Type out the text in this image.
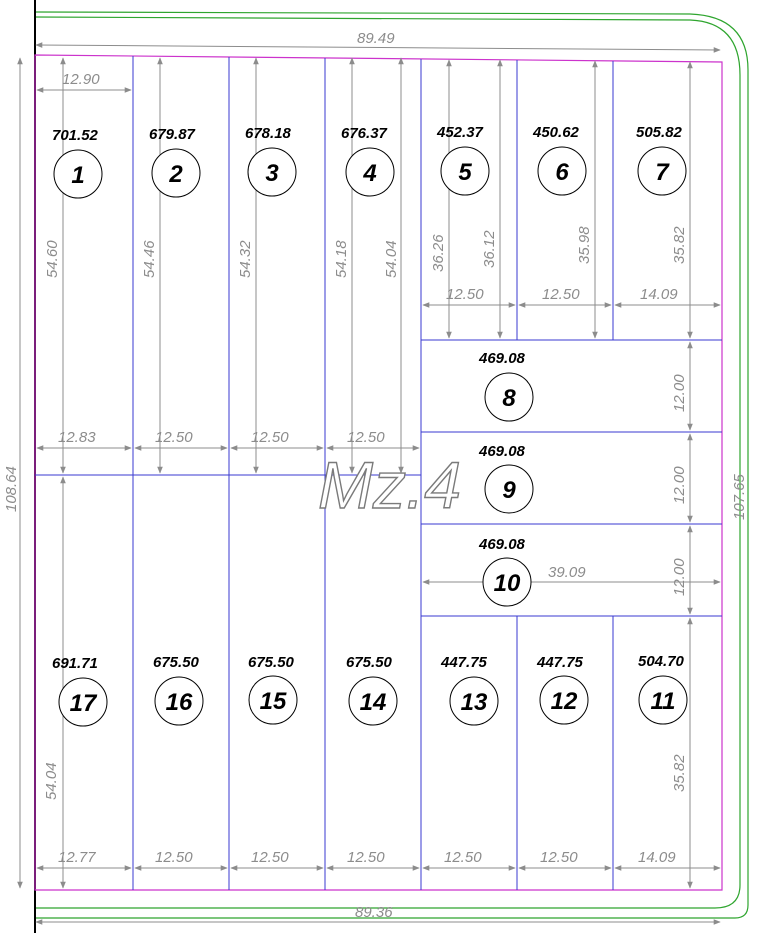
Mz.4
89.49
89.36
108.64	107.65
12.90
54.04
39.09
54.60	54.46	54.32	54.18 54.04 36.26 36.12	35.98	35.82
12.00
12.00
12.00
35.82
12.83	12.50	12.50	12.50
12.50	12.50	14.09
12.77	12.50	12.50	12.50	12.50	12.50	14.09
701.52	679.87	678.18	676.37	452.37	450.62	505.82
469.08
469.08
469.08
691.71	675.50	675.50	675.50	447.75	447.75	504.70
1	2	3	4	5	6	7
8
9
10
17	16	15	14	13	12	11
